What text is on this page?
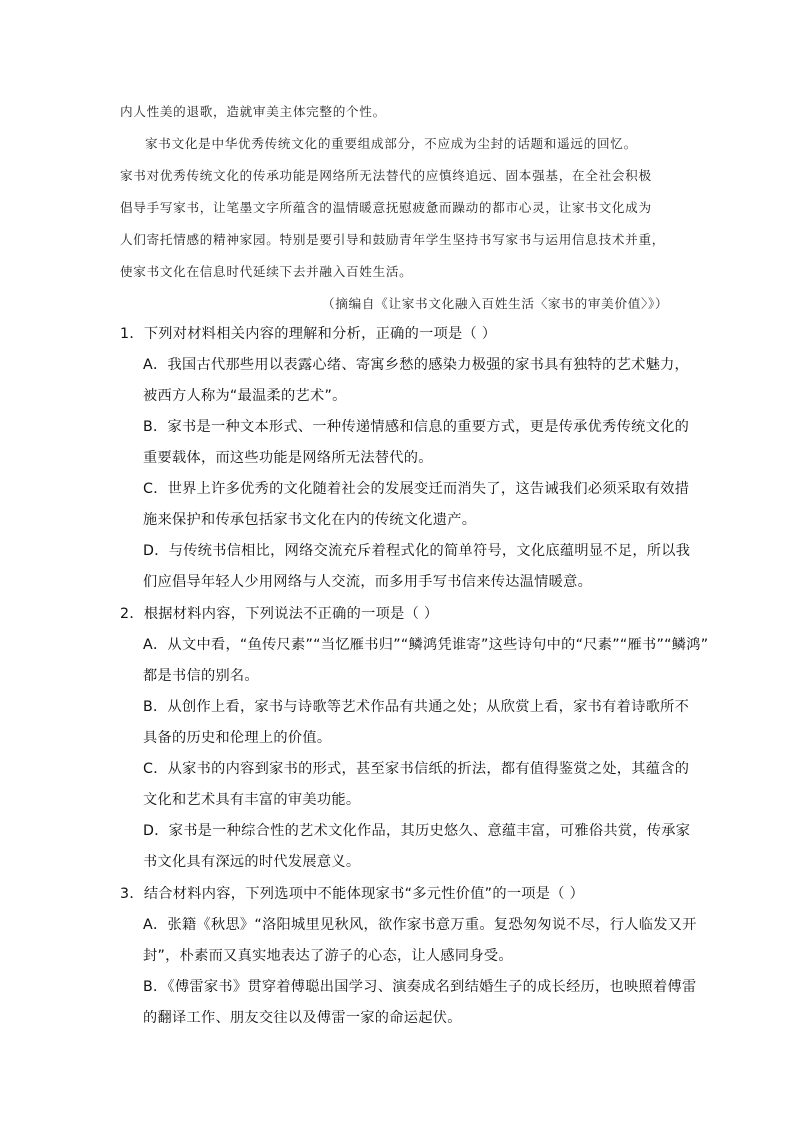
内人性美的退歌，造就审美主体完整的个性。
家书文化是中华优秀传统文化的重要组成部分，不应成为尘封的话题和遥远的回忆。
家书对优秀传统文化的传承功能是网络所无法替代的应慎终追远、固本强基，在全社会积极
倡导手写家书，让笔墨文字所蕴含的温情暖意抚慰疲惫而躁动的都市心灵，让家书文化成为
人们寄托情感的精神家园。特别是要引导和鼓励青年学生坚持书写家书与运用信息技术并重，
使家书文化在信息时代延续下去并融入百姓生活。
（摘编自《让家书文化融入百姓生活〈家书的审美价值〉》）
1．下列对材料相关内容的理解和分析，正确的一项是（ ）
A．我国古代那些用以表露心绪、寄寓乡愁的感染力极强的家书具有独特的艺术魅力，
被西方人称为“最温柔的艺术”。
B．家书是一种文本形式、一种传递情感和信息的重要方式，更是传承优秀传统文化的
重要载体，而这些功能是网络所无法替代的。
C．世界上许多优秀的文化随着社会的发展变迁而消失了，这告诫我们必须采取有效措
施来保护和传承包括家书文化在内的传统文化遗产。
D．与传统书信相比，网络交流充斥着程式化的简单符号，文化底蕴明显不足，所以我
们应倡导年轻人少用网络与人交流，而多用手写书信来传达温情暖意。
2．根据材料内容，下列说法不正确的一项是（ ）
A．从文中看，“鱼传尺素”“当忆雁书归”“鳞鸿凭谁寄”这些诗句中的“尺素”“雁书”“鳞鸿”
都是书信的别名。
B．从创作上看，家书与诗歌等艺术作品有共通之处；从欣赏上看，家书有着诗歌所不
具备的历史和伦理上的价值。
C．从家书的内容到家书的形式，甚至家书信纸的折法，都有值得鉴赏之处，其蕴含的
文化和艺术具有丰富的审美功能。
D．家书是一种综合性的艺术文化作品，其历史悠久、意蕴丰富，可雅俗共赏，传承家
书文化具有深远的时代发展意义。
3．结合材料内容，下列选项中不能体现家书“多元性价值”的一项是（ ）
A．张籍《秋思》“洛阳城里见秋风，欲作家书意万重。复恐匆匆说不尽，行人临发又开
封”，朴素而又真实地表达了游子的心态，让人感同身受。
B．《傅雷家书》贯穿着傅聪出国学习、演奏成名到结婚生子的成长经历，也映照着傅雷
的翻译工作、朋友交往以及傅雷一家的命运起伏。
